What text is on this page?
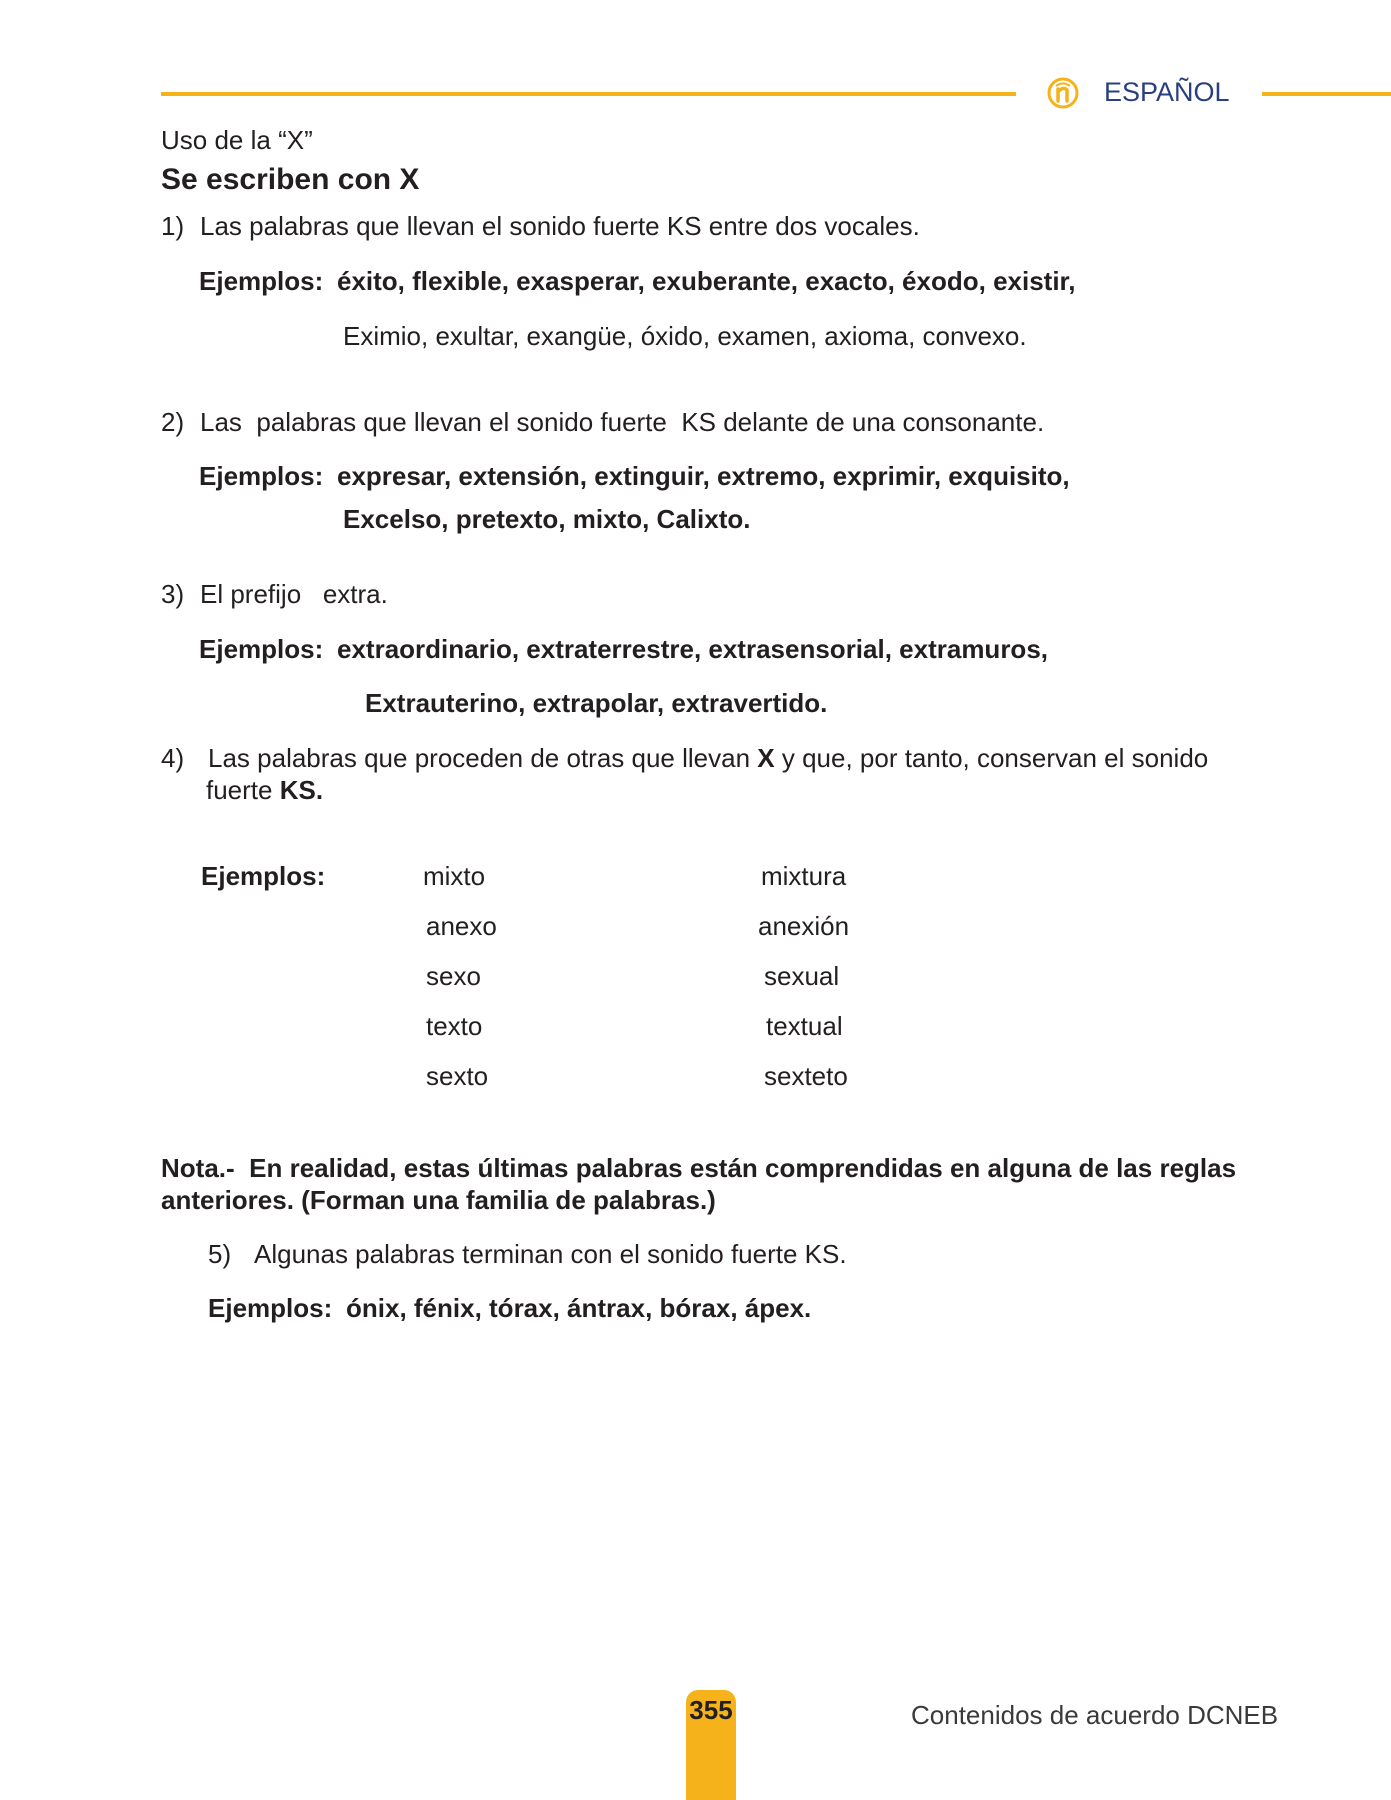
ESPAÑOL
Uso de la “X”
Se escriben con X
1) Las palabras que llevan el sonido fuerte KS entre dos vocales.
Ejemplos: éxito, flexible, exasperar, exuberante, exacto, éxodo, existir,
Eximio, exultar, exangüe, óxido, examen, axioma, convexo.
2) Las  palabras que llevan el sonido fuerte  KS delante de una consonante.
Ejemplos: expresar, extensión, extinguir, extremo, exprimir, exquisito,
Excelso, pretexto, mixto, Calixto.
3) El prefijo   extra.
Ejemplos: extraordinario, extraterrestre, extrasensorial, extramuros,
Extrauterino, extrapolar, extravertido.
4) Las palabras que proceden de otras que llevan X y que, por tanto, conservan el sonido fuerte KS.
Ejemplos:	mixto	mixtura
anexo	anexión
sexo	sexual
texto	textual
sexto	sexteto
Nota.- En realidad, estas últimas palabras están comprendidas en alguna de las reglas anteriores. (Forman una familia de palabras.)
5) Algunas palabras terminan con el sonido fuerte KS.
Ejemplos: ónix, fénix, tórax, ántrax, bórax, ápex.
355	Contenidos de acuerdo DCNEB
